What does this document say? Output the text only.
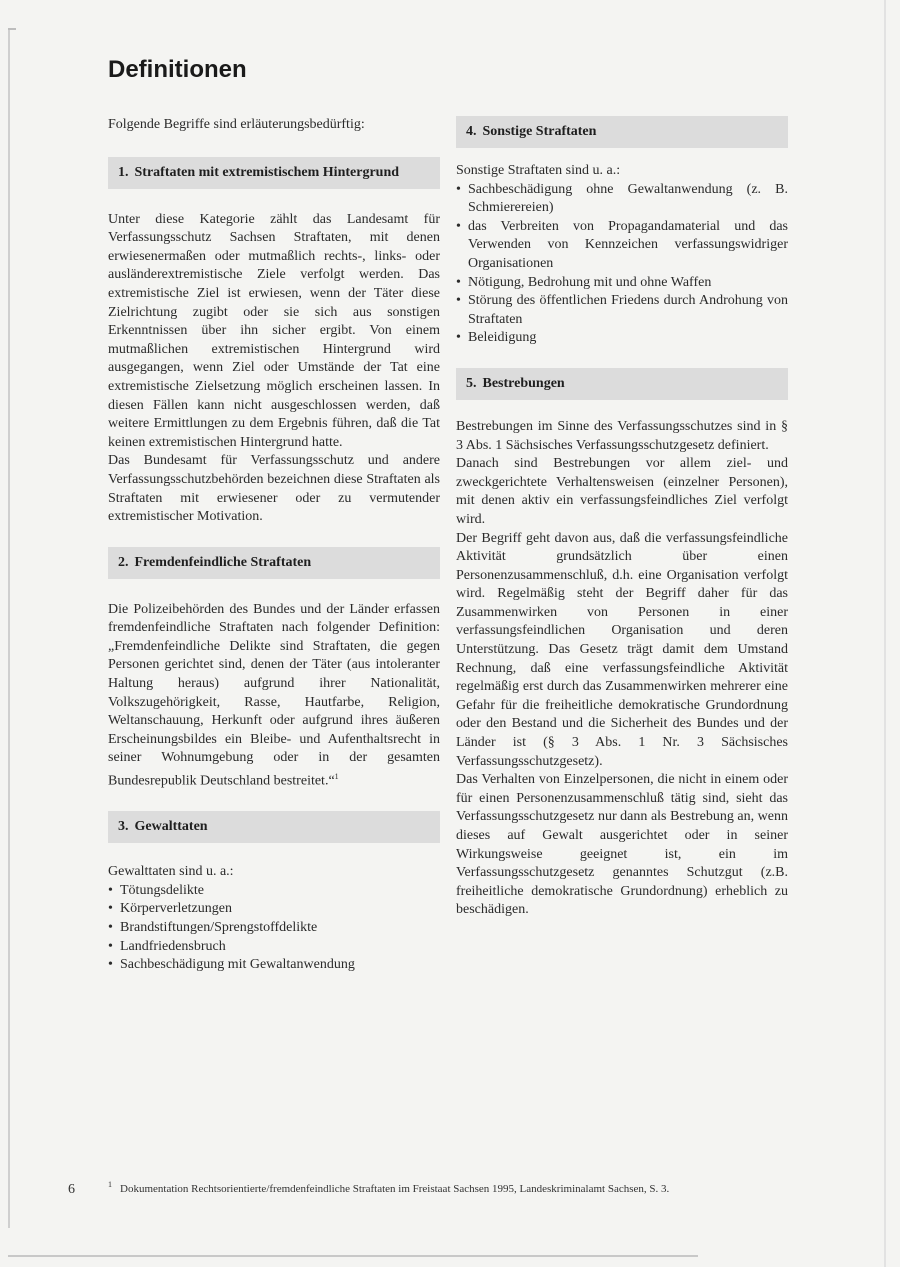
Definitionen

Folgende Begriffe sind erläuterungsbedürftig:

1. Straftaten mit extremistischem Hintergrund

Unter diese Kategorie zählt das Landesamt für Verfassungsschutz Sachsen Straftaten, mit denen erwiesenermaßen oder mutmaßlich rechts-, links- oder ausländerextremistische Ziele verfolgt werden. Das extremistische Ziel ist erwiesen, wenn der Täter diese Zielrichtung zugibt oder sie sich aus sonstigen Erkenntnissen über ihn sicher ergibt. Von einem mutmaßlichen extremistischen Hintergrund wird ausgegangen, wenn Ziel oder Umstände der Tat eine extremistische Zielsetzung möglich erscheinen lassen. In diesen Fällen kann nicht ausgeschlossen werden, daß weitere Ermittlungen zu dem Ergebnis führen, daß die Tat keinen extremistischen Hintergrund hatte.

Das Bundesamt für Verfassungsschutz und andere Verfassungsschutzbehörden bezeichnen diese Straftaten als Straftaten mit erwiesener oder zu vermutender extremistischer Motivation.

2. Fremdenfeindliche Straftaten

Die Polizeibehörden des Bundes und der Länder erfassen fremdenfeindliche Straftaten nach folgender Definition: „Fremdenfeindliche Delikte sind Straftaten, die gegen Personen gerichtet sind, denen der Täter (aus intoleranter Haltung heraus) aufgrund ihrer Nationalität, Volkszugehörigkeit, Rasse, Hautfarbe, Religion, Weltanschauung, Herkunft oder aufgrund ihres äußeren Erscheinungsbildes ein Bleibe- und Aufenthaltsrecht in seiner Wohnumgebung oder in der gesamten Bundesrepublik Deutschland bestreitet.“$^1$

3. Gewalttaten

Gewalttaten sind u. a.:

• Tötungsdelikte
• Körperverletzungen
• Brandstiftungen/Sprengstoffdelikte
• Landfriedensbruch
• Sachbeschädigung mit Gewaltanwendung
4. Sonstige Straftaten

Sonstige Straftaten sind u. a.:

• Sachbeschädigung ohne Gewaltanwendung (z. B. Schmierereien)
• das Verbreiten von Propagandamaterial und das Verwenden von Kennzeichen verfassungswidriger Organisationen
• Nötigung, Bedrohung mit und ohne Waffen
• Störung des öffentlichen Friedens durch Androhung von Straftaten
• Beleidigung
5. Bestrebungen

Bestrebungen im Sinne des Verfassungsschutzes sind in § 3 Abs. 1 Sächsisches Verfassungsschutzgesetz definiert.

Danach sind Bestrebungen vor allem ziel- und zweckgerichtete Verhaltensweisen (einzelner Personen), mit denen aktiv ein verfassungsfeindliches Ziel verfolgt wird.

Der Begriff geht davon aus, daß die verfassungsfeindliche Aktivität grundsätzlich über einen Personenzusammenschluß, d.h. eine Organisation verfolgt wird. Regelmäßig steht der Begriff daher für das Zusammenwirken von Personen in einer verfassungsfeindlichen Organisation und deren Unterstützung. Das Gesetz trägt damit dem Umstand Rechnung, daß eine verfassungsfeindliche Aktivität regelmäßig erst durch das Zusammenwirken mehrerer eine Gefahr für die freiheitliche demokratische Grundordnung oder den Bestand und die Sicherheit des Bundes und der Länder ist (§ 3 Abs. 1 Nr. 3 Sächsisches Verfassungsschutzgesetz).

Das Verhalten von Einzelpersonen, die nicht in einem oder für einen Personenzusammenschluß tätig sind, sieht das Verfassungsschutzgesetz nur dann als Bestrebung an, wenn dieses auf Gewalt ausgerichtet oder in seiner Wirkungsweise geeignet ist, ein im Verfassungsschutzgesetz genanntes Schutzgut (z.B. freiheitliche demokratische Grundordnung) erheblich zu beschädigen.

6	1 Dokumentation Rechtsorientierte/fremdenfeindliche Straftaten im Freistaat Sachsen 1995, Landeskriminalamt Sachsen, S. 3.
